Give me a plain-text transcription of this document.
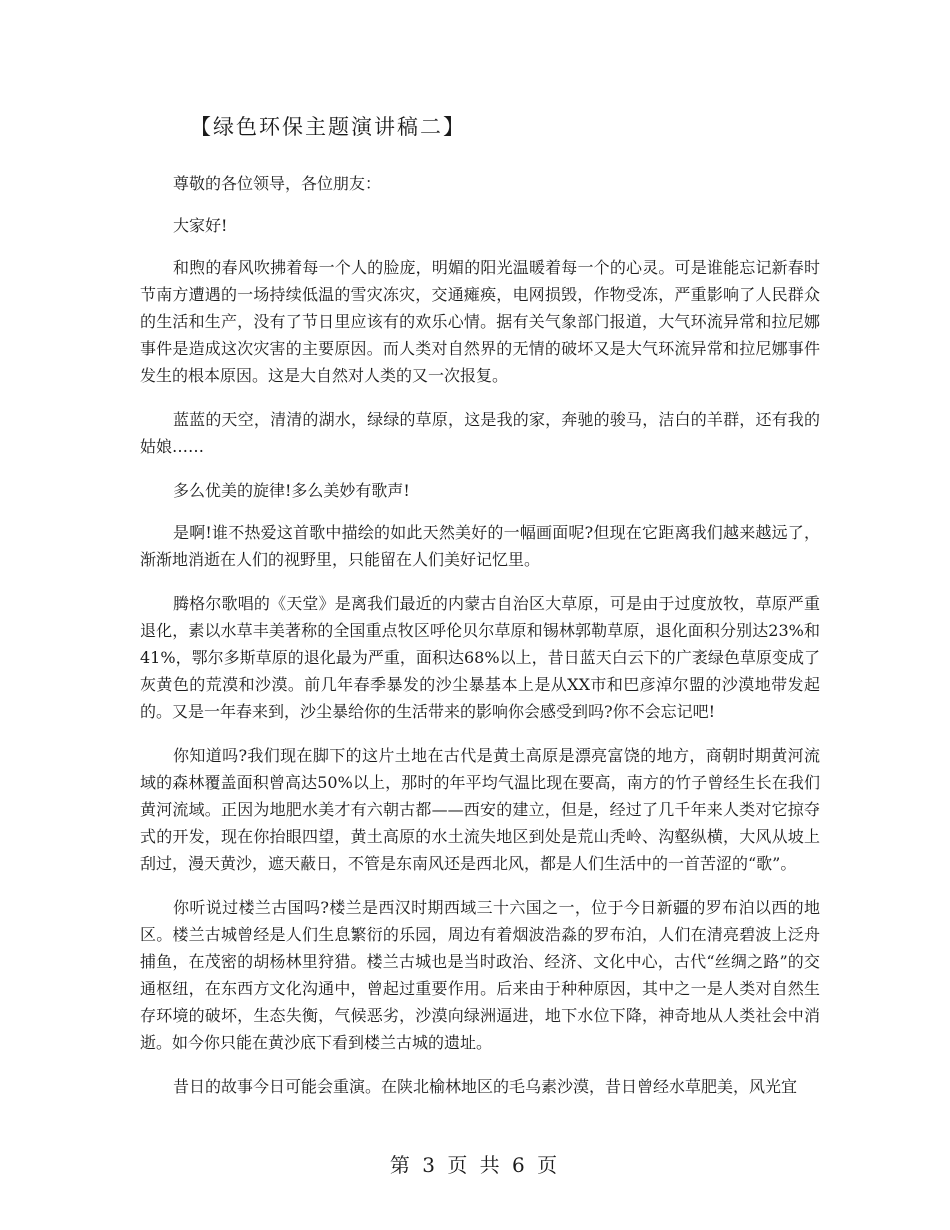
【绿色环保主题演讲稿二】

尊敬的各位领导，各位朋友：

大家好!

和煦的春风吹拂着每一个人的脸庞，明媚的阳光温暖着每一个的心灵。可是谁能忘记新春时节南方遭遇的一场持续低温的雪灾冻灾，交通瘫痪，电网损毁，作物受冻，严重影响了人民群众的生活和生产，没有了节日里应该有的欢乐心情。据有关气象部门报道，大气环流异常和拉尼娜事件是造成这次灾害的主要原因。而人类对自然界的无情的破坏又是大气环流异常和拉尼娜事件发生的根本原因。这是大自然对人类的又一次报复。

蓝蓝的天空，清清的湖水，绿绿的草原，这是我的家，奔驰的骏马，洁白的羊群，还有我的姑娘……

多么优美的旋律!多么美妙有歌声!

是啊!谁不热爱这首歌中描绘的如此天然美好的一幅画面呢?但现在它距离我们越来越远了，渐渐地消逝在人们的视野里，只能留在人们美好记忆里。

腾格尔歌唱的《天堂》是离我们最近的内蒙古自治区大草原，可是由于过度放牧，草原严重退化，素以水草丰美著称的全国重点牧区呼伦贝尔草原和锡林郭勒草原，退化面积分别达23%和41%，鄂尔多斯草原的退化最为严重，面积达68%以上，昔日蓝天白云下的广袤绿色草原变成了灰黄色的荒漠和沙漠。前几年春季暴发的沙尘暴基本上是从XX市和巴彦淖尔盟的沙漠地带发起的。又是一年春来到，沙尘暴给你的生活带来的影响你会感受到吗?你不会忘记吧!

你知道吗?我们现在脚下的这片土地在古代是黄土高原是漂亮富饶的地方，商朝时期黄河流域的森林覆盖面积曾高达50%以上，那时的年平均气温比现在要高，南方的竹子曾经生长在我们黄河流域。正因为地肥水美才有六朝古都——西安的建立，但是，经过了几千年来人类对它掠夺式的开发，现在你抬眼四望，黄土高原的水土流失地区到处是荒山秃岭、沟壑纵横，大风从坡上刮过，漫天黄沙，遮天蔽日，不管是东南风还是西北风，都是人们生活中的一首苦涩的“歌”。

你听说过楼兰古国吗?楼兰是西汉时期西域三十六国之一，位于今日新疆的罗布泊以西的地区。楼兰古城曾经是人们生息繁衍的乐园，周边有着烟波浩淼的罗布泊，人们在清亮碧波上泛舟捕鱼，在茂密的胡杨林里狩猎。楼兰古城也是当时政治、经济、文化中心，古代“丝绸之路”的交通枢纽，在东西方文化沟通中，曾起过重要作用。后来由于种种原因，其中之一是人类对自然生存环境的破坏，生态失衡，气候恶劣，沙漠向绿洲逼进，地下水位下降，神奇地从人类社会中消逝。如今你只能在黄沙底下看到楼兰古城的遗址。

昔日的故事今日可能会重演。在陕北榆林地区的毛乌素沙漠，昔日曾经水草肥美，风光宜

第 3 页 共 6 页
